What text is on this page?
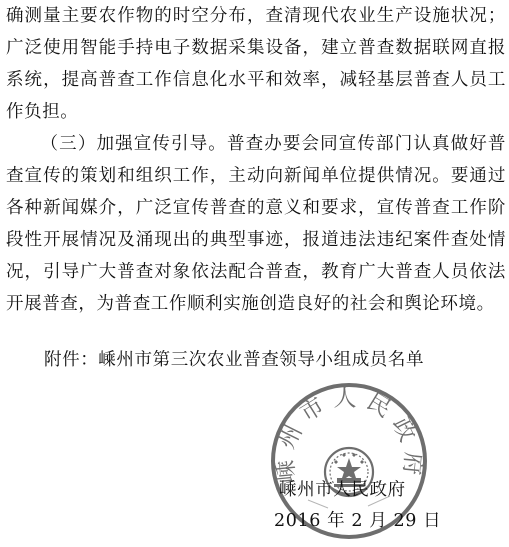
确测量主要农作物的时空分布，查清现代农业生产设施状况；广泛使用智能手持电子数据采集设备，建立普查数据联网直报系统，提高普查工作信息化水平和效率，减轻基层普查人员工作负担。

（三）加强宣传引导。普查办要会同宣传部门认真做好普查宣传的策划和组织工作，主动向新闻单位提供情况。要通过各种新闻媒介，广泛宣传普查的意义和要求，宣传普查工作阶段性开展情况及涌现出的典型事迹，报道违法违纪案件查处情况，引导广大普查对象依法配合普查，教育广大普查人员依法开展普查，为普查工作顺利实施创造良好的社会和舆论环境。

附件：嵊州市第三次农业普查领导小组成员名单

嵊州市人民政府

嵊州市人民政府

2016 年 2 月 29 日
